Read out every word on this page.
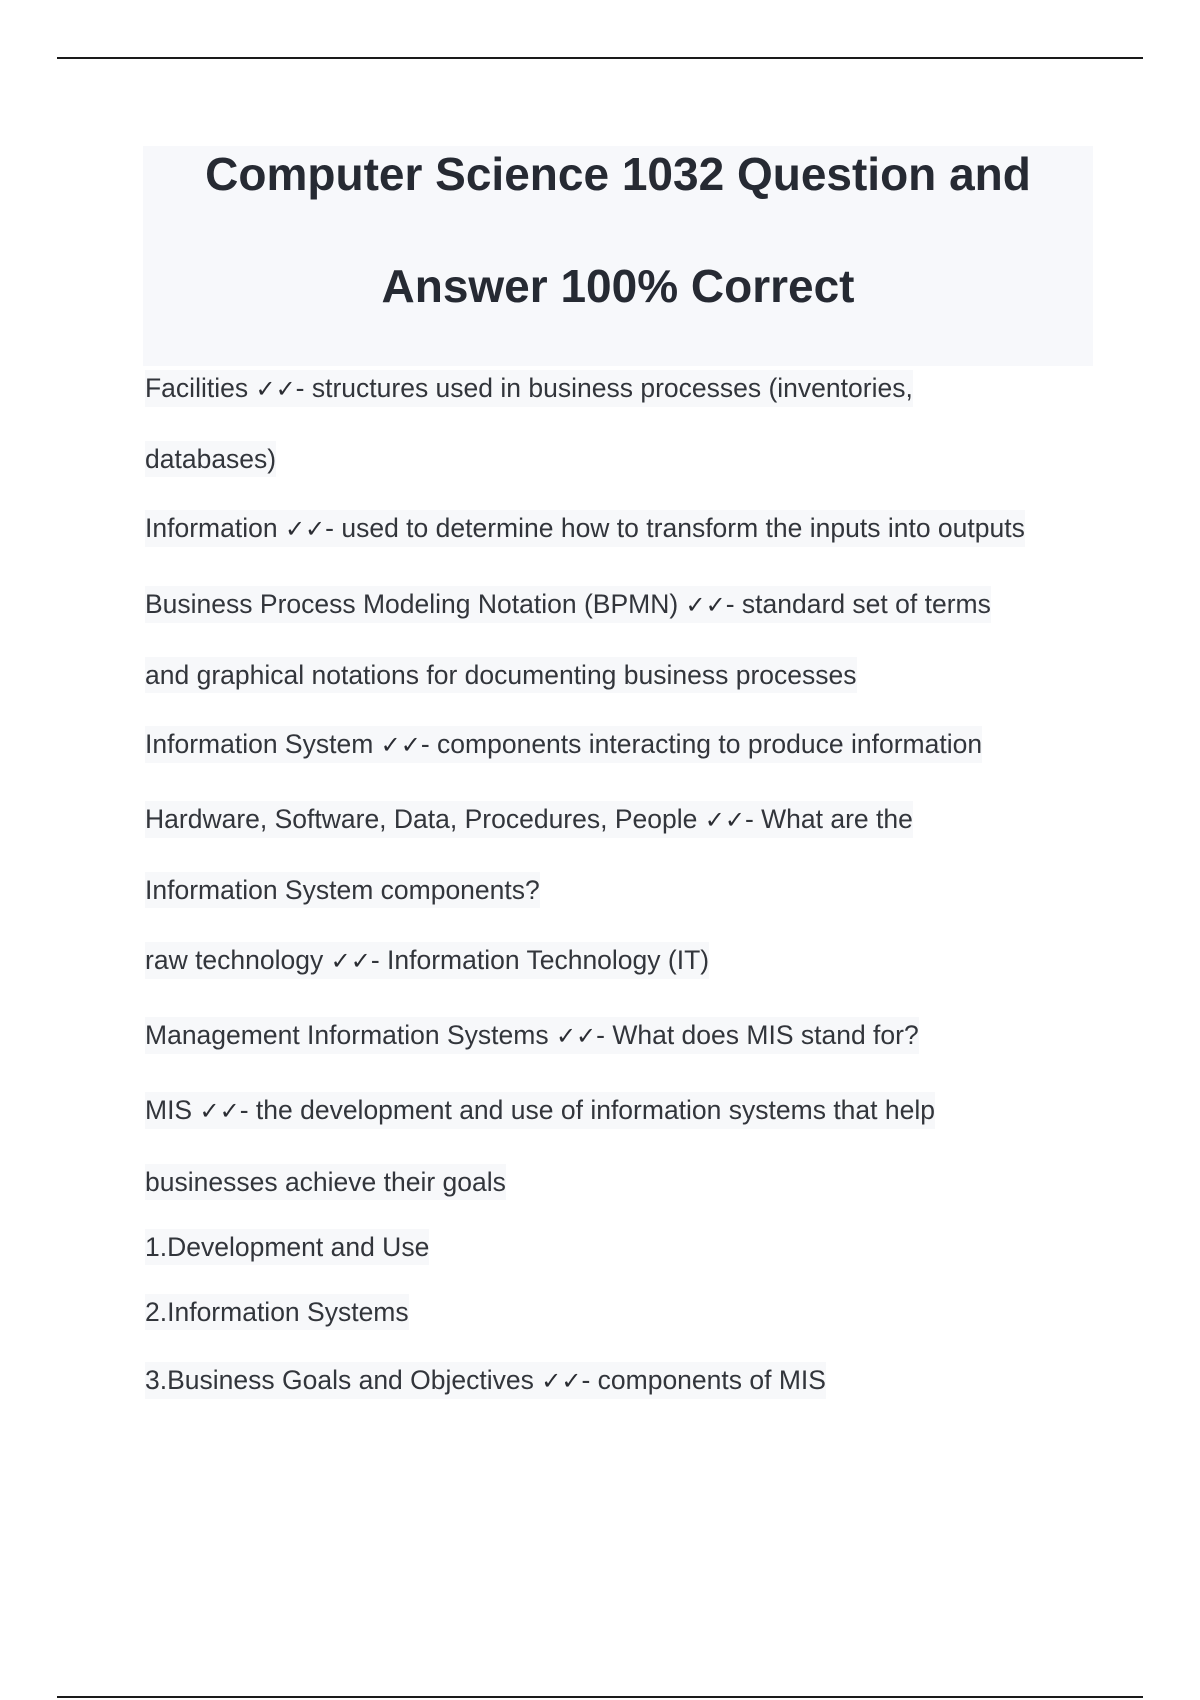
Computer Science 1032 Question and
Answer 100% Correct
Facilities ✓✓- structures used in business processes (inventories,
databases)
Information ✓✓- used to determine how to transform the inputs into outputs
Business Process Modeling Notation (BPMN) ✓✓- standard set of terms
and graphical notations for documenting business processes
Information System ✓✓- components interacting to produce information
Hardware, Software, Data, Procedures, People ✓✓- What are the
Information System components?
raw technology ✓✓- Information Technology (IT)
Management Information Systems ✓✓- What does MIS stand for?
MIS ✓✓- the development and use of information systems that help
businesses achieve their goals
1.Development and Use
2.Information Systems
3.Business Goals and Objectives ✓✓- components of MIS
